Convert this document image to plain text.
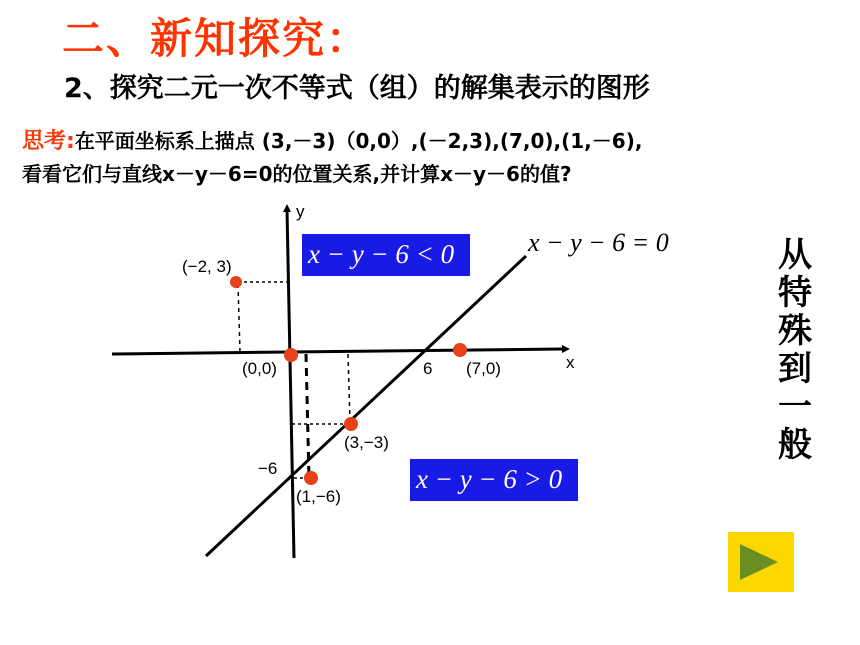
二、新知探究：
2、探究二元一次不等式（组）的解集表示的图形
思考:在平面坐标系上描点 (3,－3)（0,0）,(－2,3),(7,0),(1,－6),
看看它们与直线x－y－6=0的位置关系,并计算x－y－6的值?
y
x
(−2, 3)
(0,0)	(7,0)
(3,−3)
(1,−6)
6
−6
x − y − 6 = 0
x − y − 6 < 0
x − y − 6 > 0
从
特
殊
到
一
般
